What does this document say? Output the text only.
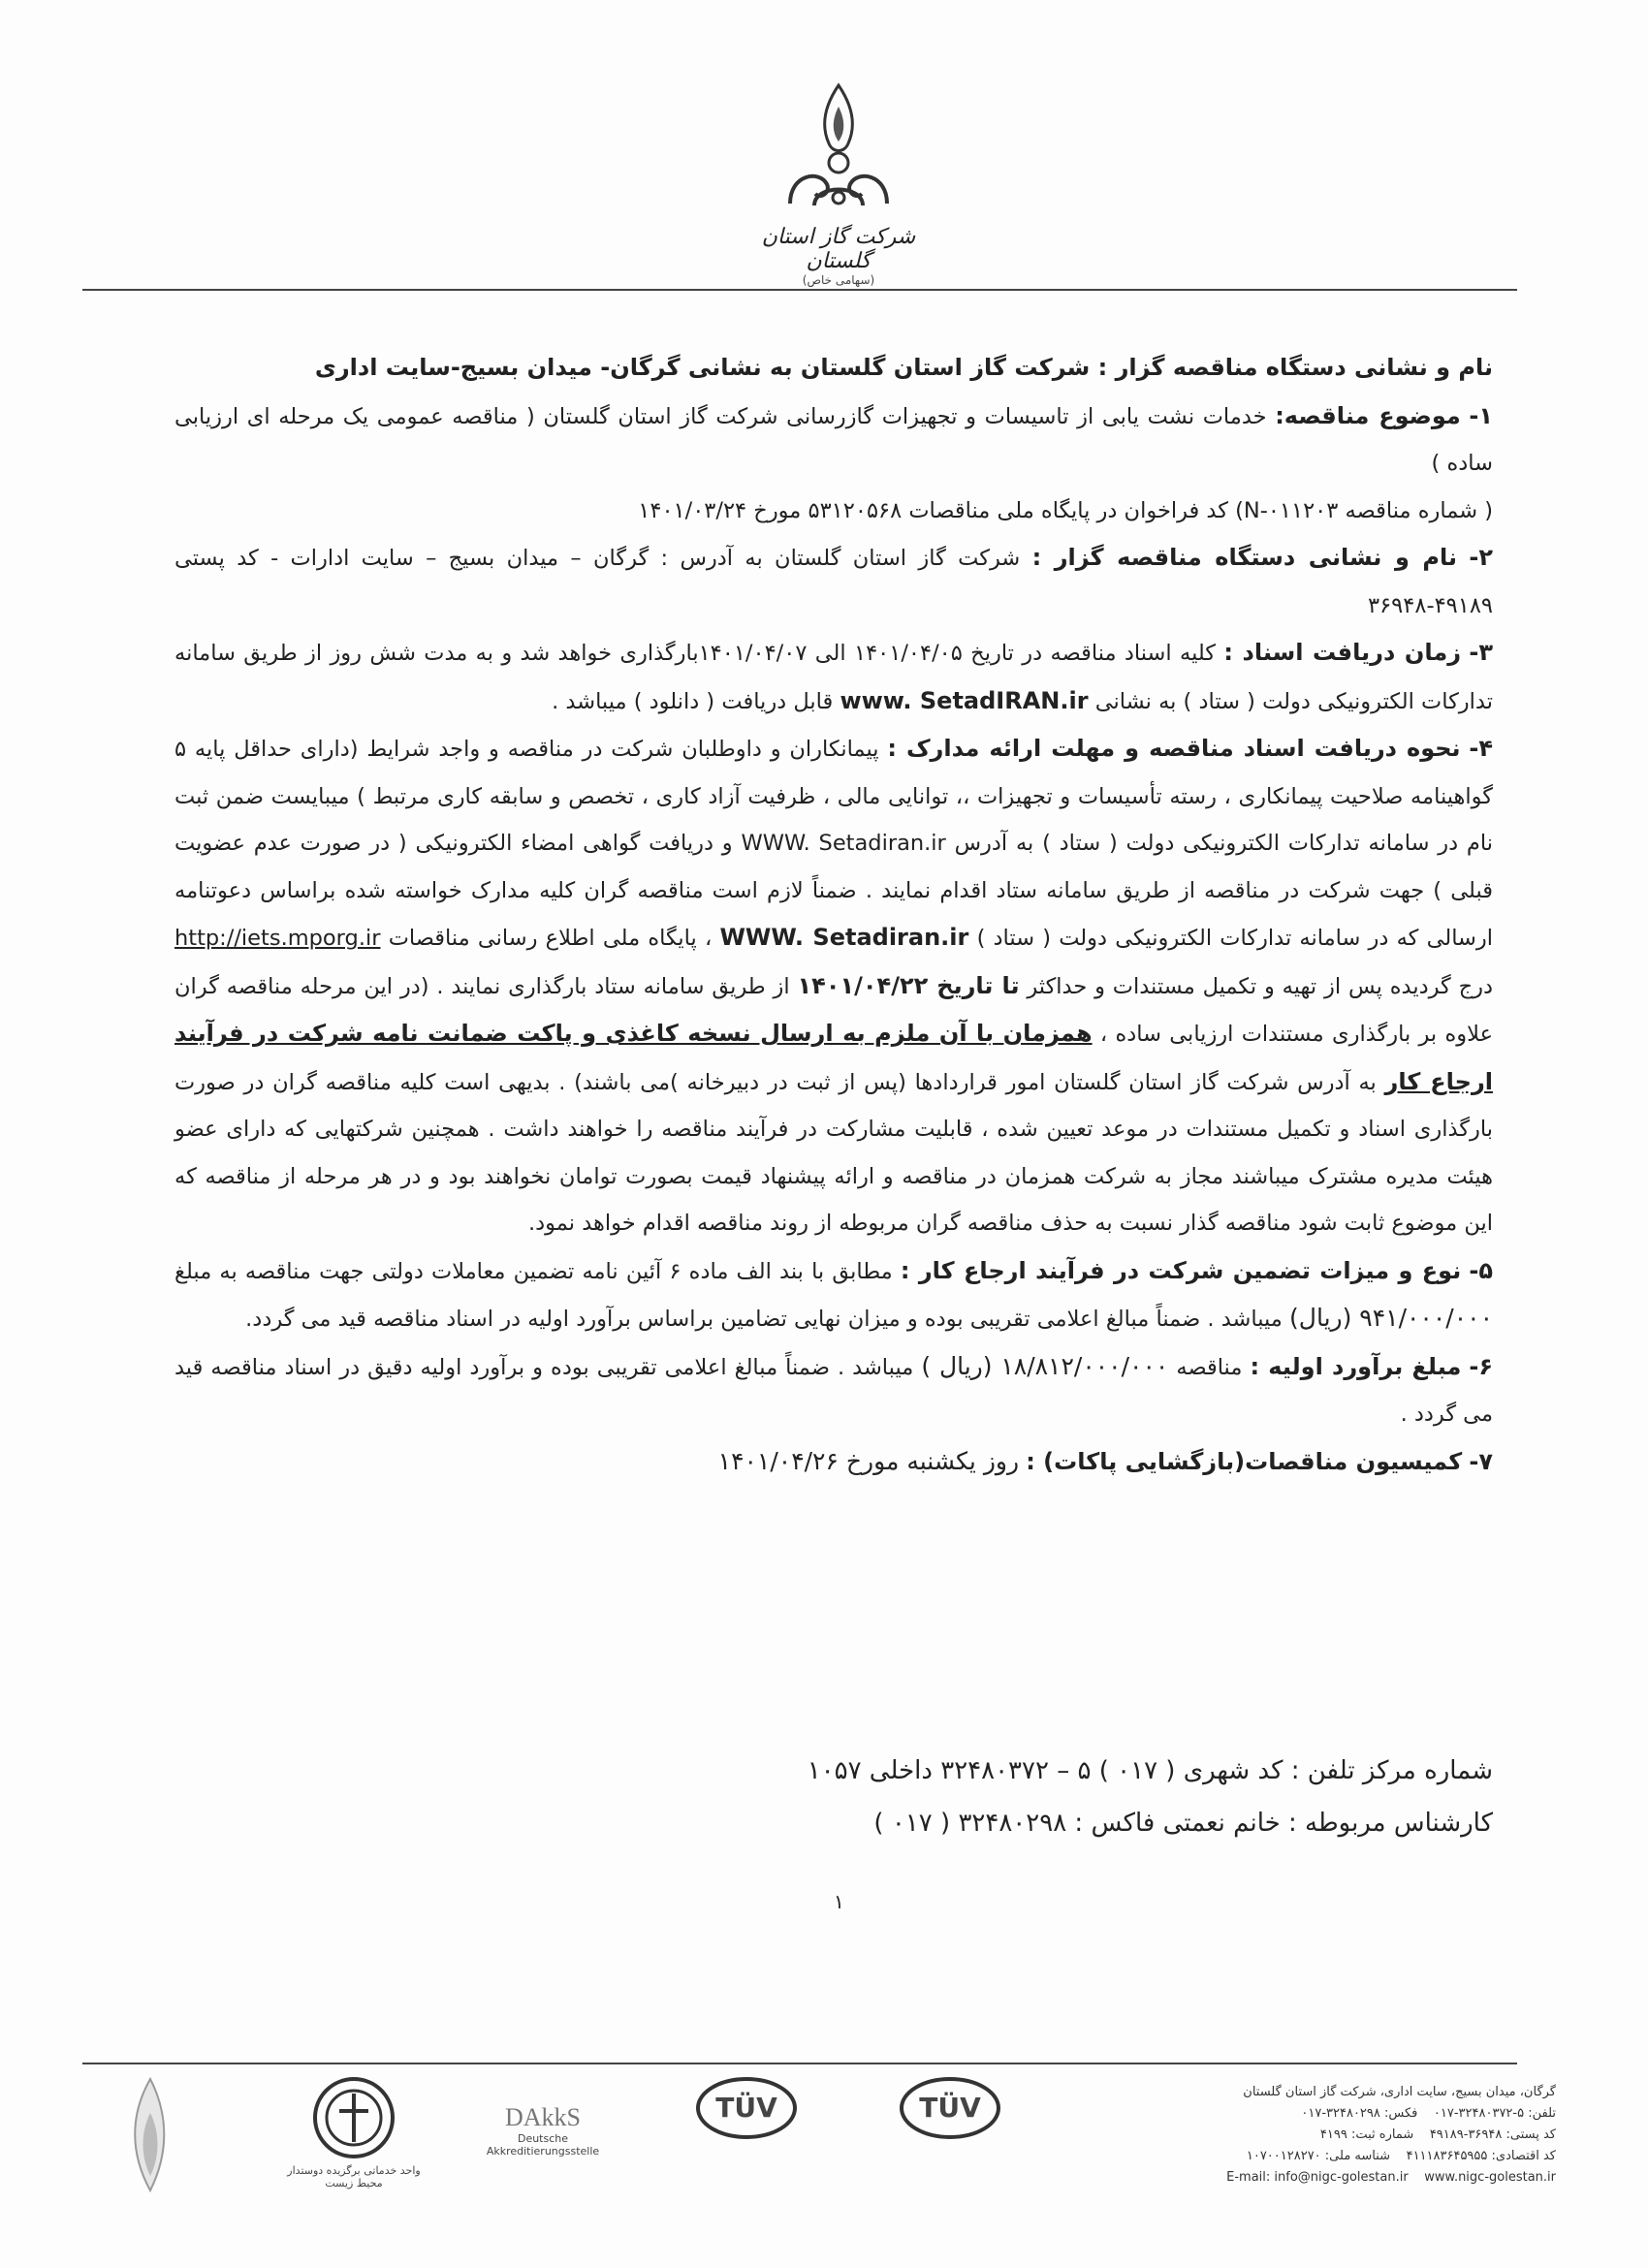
شرکت گاز استان گلستان
(سهامی خاص)

نام و نشانی دستگاه مناقصه گزار : شرکت گاز استان گلستان به نشانی گرگان- میدان بسیج-سایت اداری

۱- موضوع مناقصه: خدمات نشت یابی از تاسیسات و تجهیزات گازرسانی شرکت گاز استان گلستان ( مناقصه عمومی یک مرحله ای ارزیابی ساده )

( شماره مناقصه N-۰۱۱۲۰۳) کد فراخوان در پایگاه ملی مناقصات ۵۳۱۲۰۵۶۸ مورخ ۱۴۰۱/۰۳/۲۴

۲- نام و نشانی دستگاه مناقصه گزار : شرکت گاز استان گلستان به آدرس : گرگان – میدان بسیج – سایت ادارات - کد پستی ۴۹۱۸۹-۳۶۹۴۸

۳- زمان دریافت اسناد : کلیه اسناد مناقصه در تاریخ ۱۴۰۱/۰۴/۰۵ الی ۱۴۰۱/۰۴/۰۷بارگذاری خواهد شد و به مدت شش روز از طریق سامانه تدارکات الکترونیکی دولت ( ستاد ) به نشانی www. SetadIRAN.ir قابل دریافت ( دانلود ) میباشد .

۴- نحوه دریافت اسناد مناقصه و مهلت ارائه مدارک : پیمانکاران و داوطلبان شرکت در مناقصه و واجد شرایط (دارای حداقل پایه ۵ گواهینامه صلاحیت پیمانکاری ، رسته تأسیسات و تجهیزات ،، توانایی مالی ، ظرفیت آزاد کاری ، تخصص و سابقه کاری مرتبط ) میبایست ضمن ثبت نام در سامانه تدارکات الکترونیکی دولت ( ستاد ) به آدرس WWW. Setadiran.ir و دریافت گواهی امضاء الکترونیکی ( در صورت عدم عضویت قبلی ) جهت شرکت در مناقصه از طریق سامانه ستاد اقدام نمایند . ضمناً لازم است مناقصه گران کلیه مدارک خواسته شده براساس دعوتنامه ارسالی که در سامانه تدارکات الکترونیکی دولت ( ستاد ) WWW. Setadiran.ir ، پایگاه ملی اطلاع رسانی مناقصات http://iets.mporg.ir درج گردیده پس از تهیه و تکمیل مستندات و حداکثر تا تاریخ ۱۴۰۱/۰۴/۲۲ از طریق سامانه ستاد بارگذاری نمایند . (در این مرحله مناقصه گران علاوه بر بارگذاری مستندات ارزیابی ساده ، همزمان با آن ملزم به ارسال نسخه کاغذی و پاکت ضمانت نامه شرکت در فرآیند ارجاع کار به آدرس شرکت گاز استان گلستان امور قراردادها (پس از ثبت در دبیرخانه )می باشند) . بدیهی است کلیه مناقصه گران در صورت بارگذاری اسناد و تکمیل مستندات در موعد تعیین شده ، قابلیت مشارکت در فرآیند مناقصه را خواهند داشت . همچنین شرکتهایی که دارای عضو هیئت مدیره مشترک میباشند مجاز به شرکت همزمان در مناقصه و ارائه پیشنهاد قیمت بصورت توامان نخواهند بود و در هر مرحله از مناقصه که این موضوع ثابت شود مناقصه گذار نسبت به حذف مناقصه گران مربوطه از روند مناقصه اقدام خواهد نمود.

۵- نوع و میزات تضمین شرکت در فرآیند ارجاع کار : مطابق با بند الف ماده ۶ آئین نامه تضمین معاملات دولتی جهت مناقصه به مبلغ ۹۴۱/۰۰۰/۰۰۰ (ریال) میباشد . ضمناً مبالغ اعلامی تقریبی بوده و میزان نهایی تضامین براساس برآورد اولیه در اسناد مناقصه قید می گردد.

۶- مبلغ برآورد اولیه : مناقصه ۱۸/۸۱۲/۰۰۰/۰۰۰ (ریال ) میباشد . ضمناً مبالغ اعلامی تقریبی بوده و برآورد اولیه دقیق در اسناد مناقصه قید می گردد .

۷- کمیسیون مناقصات(بازگشایی پاکات) : روز یکشنبه مورخ ۱۴۰۱/۰۴/۲۶

شماره مرکز تلفن : کد شهری ( ۰۱۷ ) ۵ – ۳۲۴۸۰۳۷۲ داخلی ۱۰۵۷
کارشناس مربوطه : خانم نعمتی فاکس : ۳۲۴۸۰۲۹۸ ( ۰۱۷ )
۱
واحد خدماتی برگزیده دوستدار محیط زیست
DAkkS
Deutsche Akkreditierungsstelle
TÜV	TÜV	گرگان، میدان بسیج، سایت اداری، شرکت گاز استان گلستان
تلفن: ۵-۳۲۴۸۰۳۷۲-۰۱۷    فکس: ۳۲۴۸۰۲۹۸-۰۱۷
کد پستی: ۳۶۹۴۸-۴۹۱۸۹    شماره ثبت: ۴۱۹۹
کد اقتصادی: ۴۱۱۱۸۳۶۴۵۹۵۵    شناسه ملی: ۱۰۷۰۰۱۲۸۲۷۰
E-mail: info@nigc-golestan.ir www.nigc-golestan.ir
